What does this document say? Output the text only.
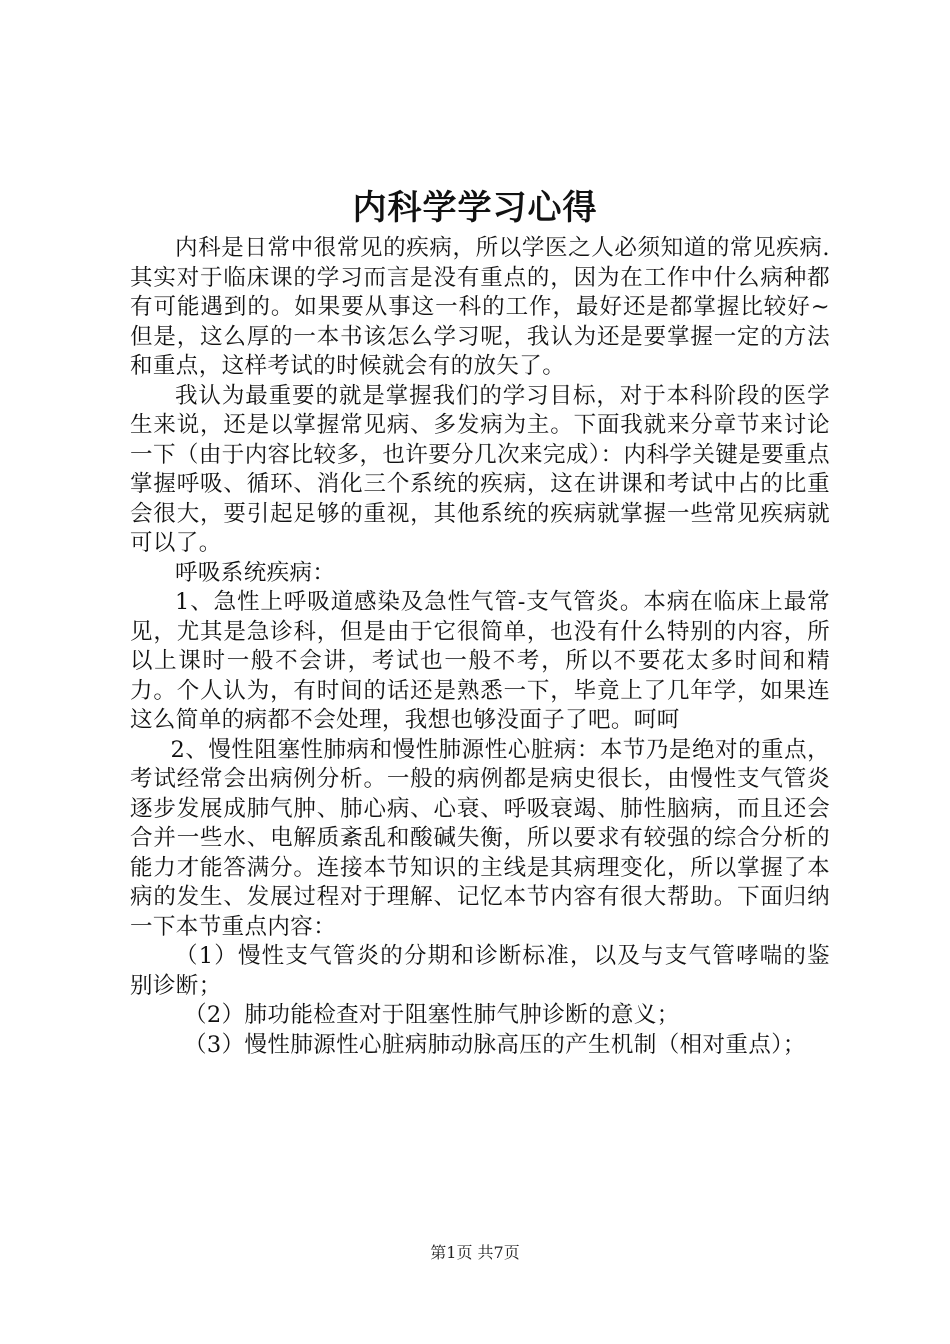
内科学学习心得

内科是日常中很常见的疾病，所以学医之人必须知道的常见疾病.其实对于临床课的学习而言是没有重点的，因为在工作中什么病种都有可能遇到的。如果要从事这一科的工作，最好还是都掌握比较好~但是，这么厚的一本书该怎么学习呢，我认为还是要掌握一定的方法和重点，这样考试的时候就会有的放矢了。

我认为最重要的就是掌握我们的学习目标，对于本科阶段的医学生来说，还是以掌握常见病、多发病为主。下面我就来分章节来讨论一下（由于内容比较多，也许要分几次来完成）：内科学关键是要重点掌握呼吸、循环、消化三个系统的疾病，这在讲课和考试中占的比重会很大，要引起足够的重视，其他系统的疾病就掌握一些常见疾病就可以了。

呼吸系统疾病：

1、急性上呼吸道感染及急性气管-支气管炎。本病在临床上最常见，尤其是急诊科，但是由于它很简单，也没有什么特别的内容，所以上课时一般不会讲，考试也一般不考，所以不要花太多时间和精力。个人认为，有时间的话还是熟悉一下，毕竟上了几年学，如果连这么简单的病都不会处理，我想也够没面子了吧。呵呵

2、慢性阻塞性肺病和慢性肺源性心脏病：本节乃是绝对的重点，考试经常会出病例分析。一般的病例都是病史很长，由慢性支气管炎逐步发展成肺气肿、肺心病、心衰、呼吸衰竭、肺性脑病，而且还会合并一些水、电解质紊乱和酸碱失衡，所以要求有较强的综合分析的能力才能答满分。连接本节知识的主线是其病理变化，所以掌握了本病的发生、发展过程对于理解、记忆本节内容有很大帮助。下面归纳一下本节重点内容：

（1）慢性支气管炎的分期和诊断标准，以及与支气管哮喘的鉴别诊断；

（2）肺功能检查对于阻塞性肺气肿诊断的意义；

（3）慢性肺源性心脏病肺动脉高压的产生机制（相对重点）；

第1页 共7页
